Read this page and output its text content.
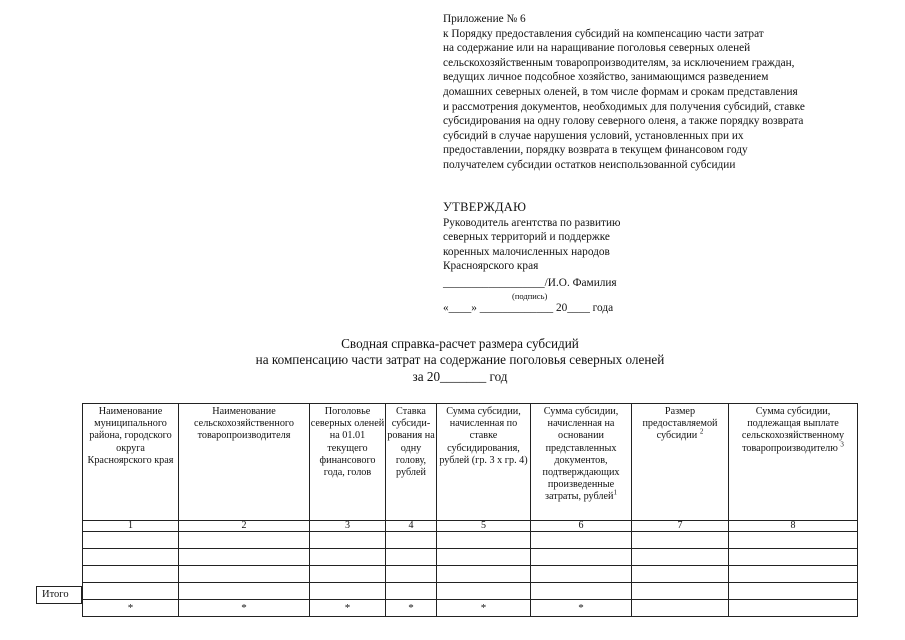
Приложение № 6
к Порядку предоставления субсидий на компенсацию части затрат
на содержание или на наращивание поголовья северных оленей
сельскохозяйственным товаропроизводителям, за исключением граждан,
ведущих личное подсобное хозяйство, занимающимся разведением
домашних северных оленей, в том числе формам и срокам представления
и рассмотрения документов, необходимых для получения субсидий, ставке
субсидирования на одну голову северного оленя, а также порядку возврата
субсидий в случае нарушения условий, установленных при их
предоставлении, порядку возврата в текущем финансовом году
получателем субсидии остатков неиспользованной субсидии
УТВЕРЖДАЮ
Руководитель агентства по развитию
северных территорий и поддержке
коренных малочисленных народов
Красноярского края
__________________/И.О. Фамилия
(подпись)
«____» _____________ 20____ года
Сводная справка-расчет размера субсидий
на компенсацию части затрат на содержание поголовья северных оленей
за 20_______ год
Итого
Наименование муниципального района, городского округа Красноярского края	Наименование сельскохозяйственного товаропроизводителя	Поголовье северных оленей на 01.01 текущего финансового года, голов	Ставка субсиди-рования на одну голову, рублей	Сумма субсидии, начисленная по ставке субсидирования, рублей (гр. 3 х гр. 4)	Сумма субсидии, начисленная на основании представленных документов, подтверждающих произведенные затраты, рублей$^1$	Размер предоставляемой субсидии $^2$	Сумма субсидии, подлежащая выплате сельскохозяйственному товаропроизводителю $^3$
1	2	3	4	5	6	7	8

*	*	*	*	*	*		
